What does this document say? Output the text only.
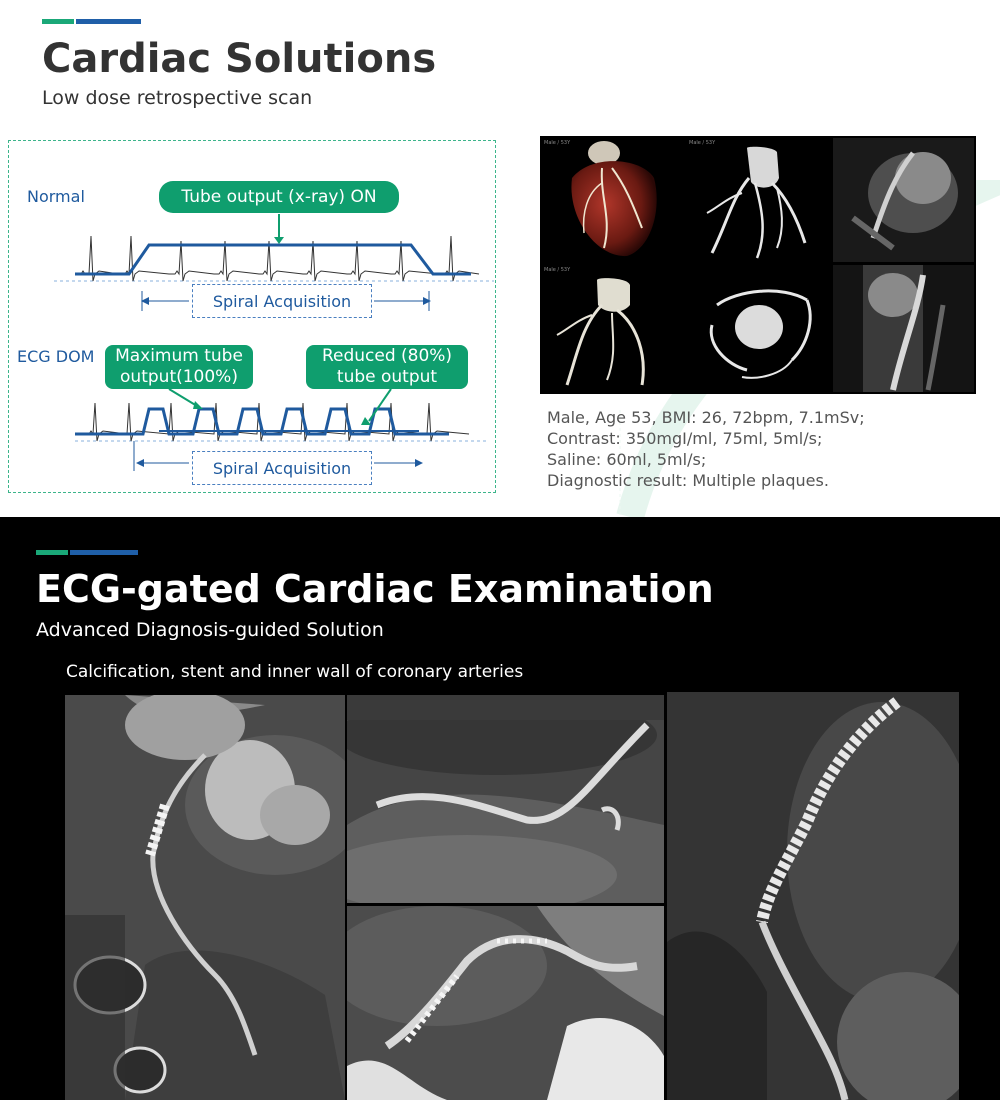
Cardiac Solutions
Low dose retrospective scan
Normal	Tube output (x-ray) ON
Spiral Acquisition
ECG DOM	Maximum tube output(100%)
Reduced (80%) tube output
Spiral Acquisition
Male / 53Y	Male / 53Y
Male / 53Y
Male, Age 53, BMI: 26, 72bpm, 7.1mSv;
Contrast: 350mgI/ml, 75ml, 5ml/s;
Saline: 60ml, 5ml/s;
Diagnostic result: Multiple plaques.
ECG-gated Cardiac Examination
Advanced Diagnosis-guided Solution
Calcification, stent and inner wall of coronary arteries
